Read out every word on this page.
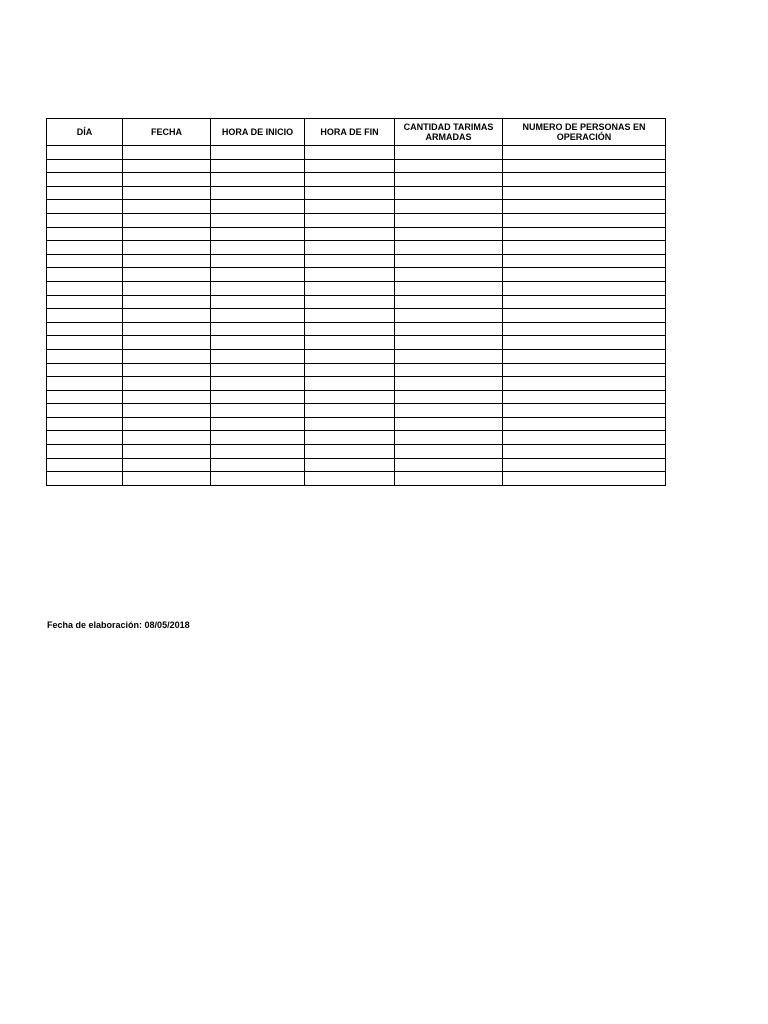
DÍA	FECHA	HORA DE INICIO	HORA DE FIN	CANTIDAD TARIMAS ARMADAS	NUMERO DE PERSONAS EN OPERACIÓN

Fecha de elaboración: 08/05/2018
